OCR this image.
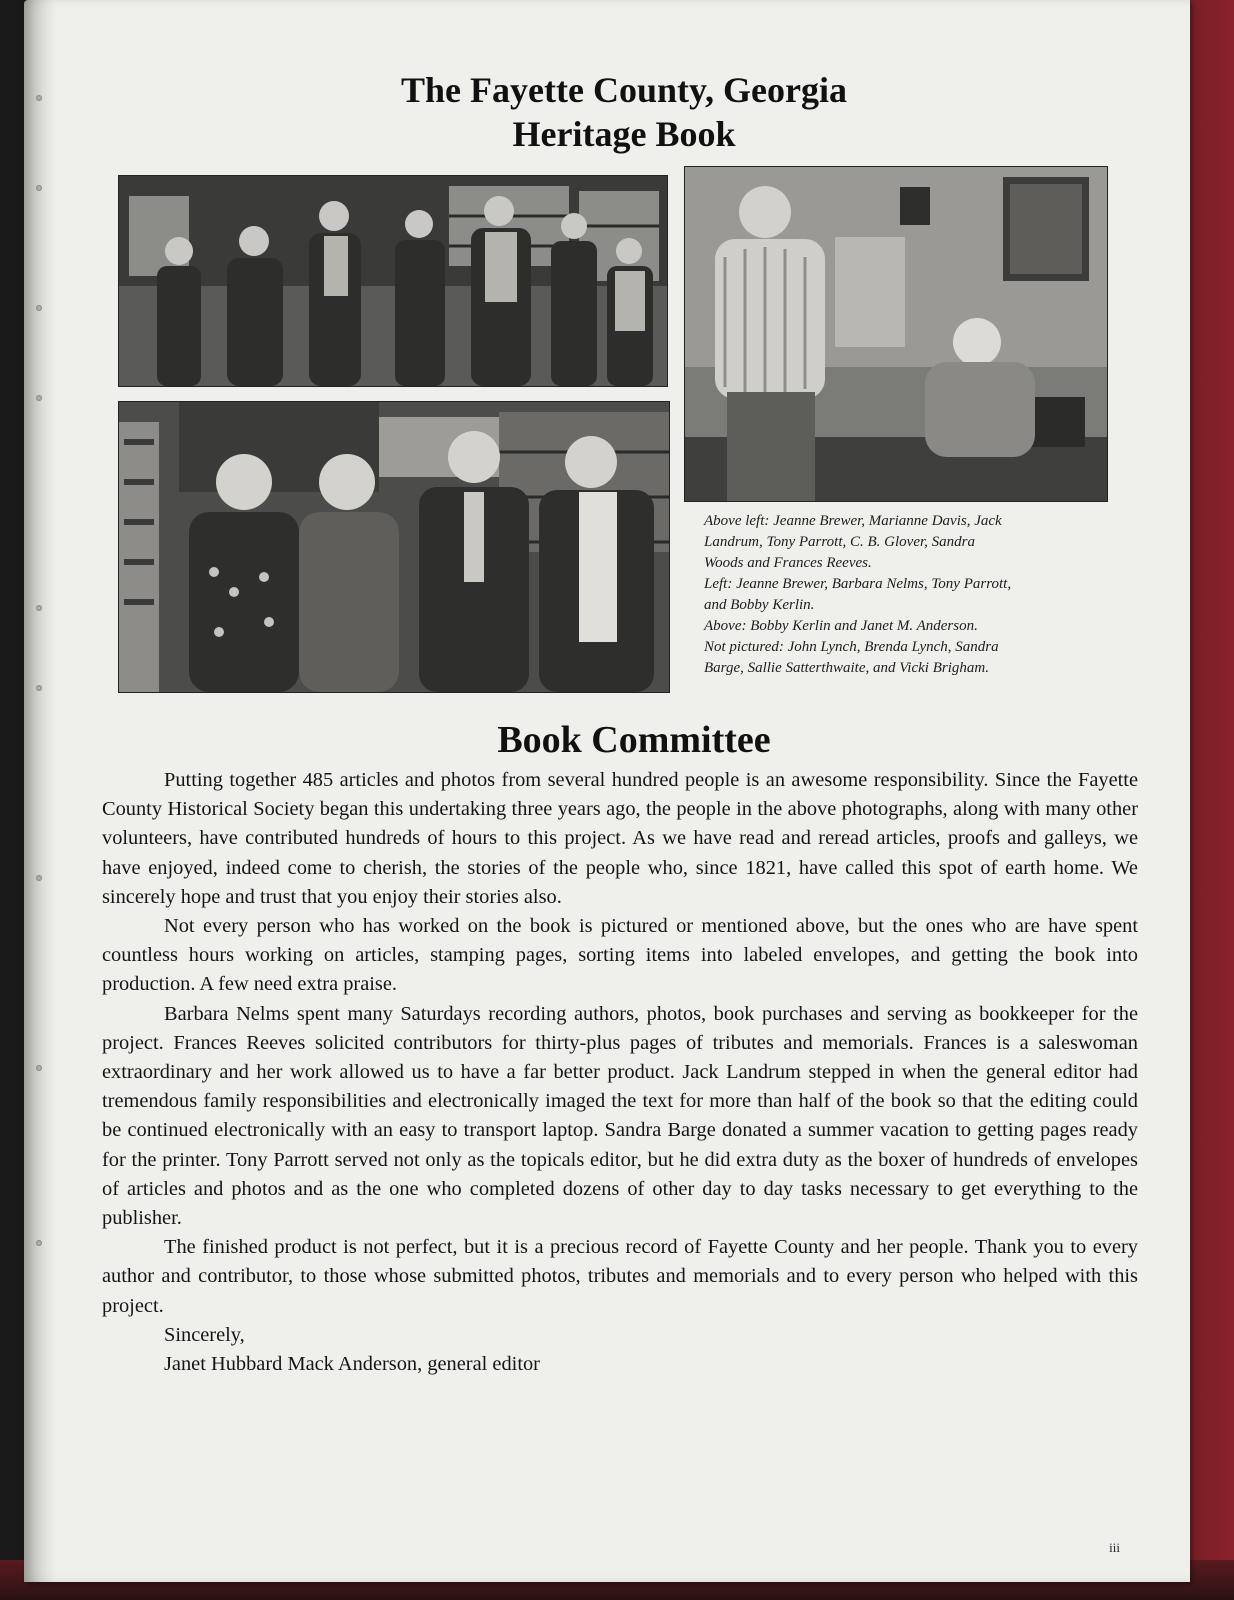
The Fayette County, Georgia
Heritage Book
Above left: Jeanne Brewer, Marianne Davis, Jack
Landrum, Tony Parrott, C. B. Glover, Sandra
Woods and Frances Reeves.
Left: Jeanne Brewer, Barbara Nelms, Tony Parrott,
and Bobby Kerlin.
Above: Bobby Kerlin and Janet M. Anderson.
Not pictured: John Lynch, Brenda Lynch, Sandra
Barge, Sallie Satterthwaite, and Vicki Brigham.
Book Committee

Putting together 485 articles and photos from several hundred people is an awesome responsibility. Since the Fayette County Historical Society began this undertaking three years ago, the people in the above photographs, along with many other volunteers, have contributed hundreds of hours to this project. As we have read and reread articles, proofs and galleys, we have enjoyed, indeed come to cherish, the stories of the people who, since 1821, have called this spot of earth home. We sincerely hope and trust that you enjoy their stories also.

Not every person who has worked on the book is pictured or mentioned above, but the ones who are have spent countless hours working on articles, stamping pages, sorting items into labeled envelopes, and getting the book into production. A few need extra praise.

Barbara Nelms spent many Saturdays recording authors, photos, book purchases and serving as bookkeeper for the project. Frances Reeves solicited contributors for thirty-plus pages of tributes and memorials. Frances is a saleswoman extraordinary and her work allowed us to have a far better product. Jack Landrum stepped in when the general editor had tremendous family responsibilities and electronically imaged the text for more than half of the book so that the editing could be continued electronically with an easy to transport laptop. Sandra Barge donated a summer vacation to getting pages ready for the printer. Tony Parrott served not only as the topicals editor, but he did extra duty as the boxer of hundreds of envelopes of articles and photos and as the one who completed dozens of other day to day tasks necessary to get everything to the publisher.

The finished product is not perfect, but it is a precious record of Fayette County and her people. Thank you to every author and contributor, to those whose submitted photos, tributes and memorials and to every person who helped with this project.

Sincerely,
Janet Hubbard Mack Anderson, general editor
iii
